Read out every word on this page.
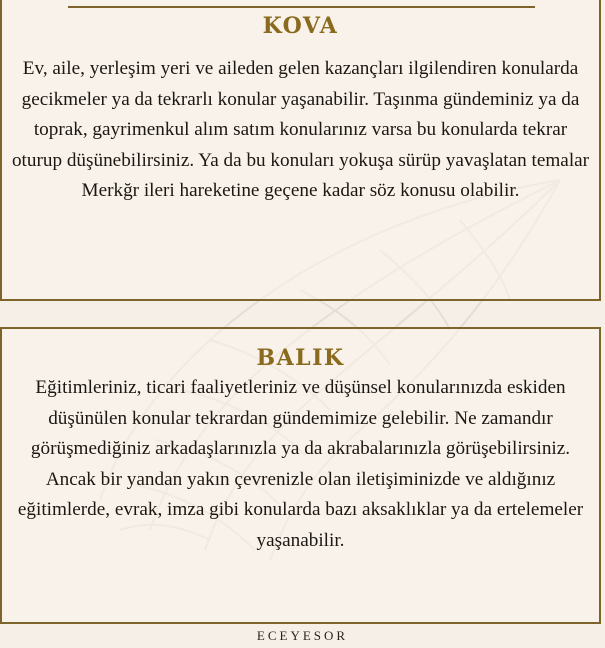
KOVA

Ev, aile, yerleşim yeri ve aileden gelen kazançları ilgilendiren konularda gecikmeler ya da tekrarlı konular yaşanabilir. Taşınma gündeminiz ya da toprak, gayrimenkul alım satım konularınız varsa bu konularda tekrar oturup düşünebilirsiniz. Ya da bu konuları yokuşa sürüp yavaşlatan temalar Merkğr ileri hareketine geçene kadar söz konusu olabilir.

BALIK

Eğitimleriniz, ticari faaliyetleriniz ve düşünsel konularınızda eskiden düşünülen konular tekrardan gündemimize gelebilir. Ne zamandır görüşmediğiniz arkadaşlarınızla ya da akrabalarınızla görüşebilirsiniz. Ancak bir yandan yakın çevrenizle olan iletişiminizde ve aldığınız eğitimlerde, evrak, imza gibi konularda bazı aksaklıklar ya da ertelemeler yaşanabilir.

ECEYESOR
